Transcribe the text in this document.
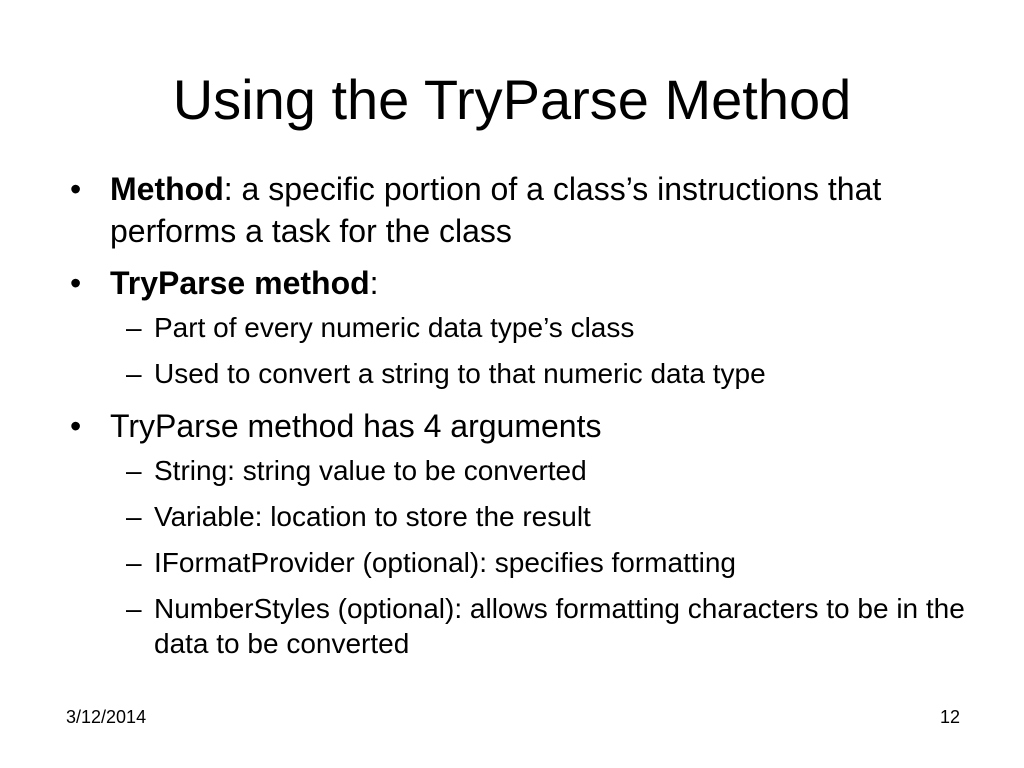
Using the TryParse Method
• Method: a specific portion of a class’s instructions that performs a task for the class
• TryParse method:
– Part of every numeric data type’s class
– Used to convert a string to that numeric data type
• TryParse method has 4 arguments
– String: string value to be converted
– Variable: location to store the result
– IFormatProvider (optional): specifies formatting
– NumberStyles (optional): allows formatting characters to be in the data to be converted
3/12/2014	12
